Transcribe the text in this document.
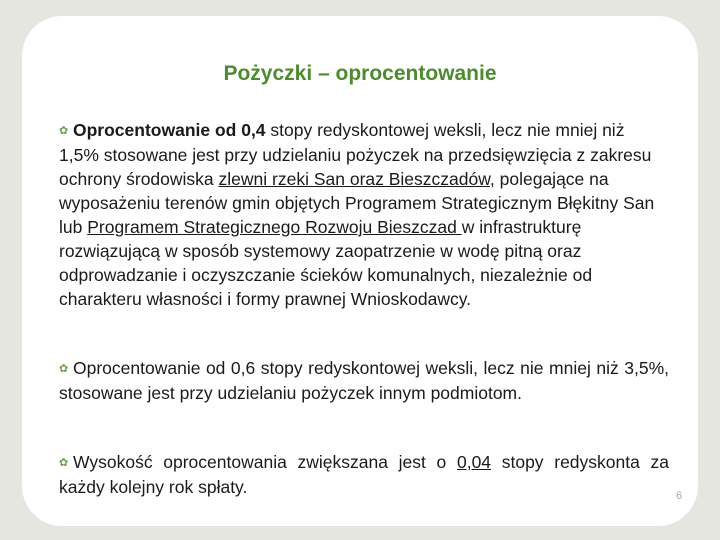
Pożyczki – oprocentowanie

✿ Oprocentowanie od 0,4 stopy redyskontowej weksli, lecz nie mniej niż 1,5% stosowane jest przy udzielaniu pożyczek na przedsięwzięcia z zakresu ochrony środowiska zlewni rzeki San oraz Bieszczadów, polegające na wyposażeniu terenów gmin objętych Programem Strategicznym Błękitny San lub Programem Strategicznego Rozwoju Bieszczad w infrastrukturę rozwiązującą w sposób systemowy zaopatrzenie w wodę pitną oraz odprowadzanie i oczyszczanie ścieków komunalnych, niezależnie od charakteru własności i formy prawnej Wnioskodawcy.

✿ Oprocentowanie od 0,6 stopy redyskontowej weksli, lecz nie mniej niż 3,5%, stosowane jest przy udzielaniu pożyczek innym podmiotom.

✿ Wysokość oprocentowania zwiększana jest o 0,04 stopy redyskonta za każdy kolejny rok spłaty.	6
